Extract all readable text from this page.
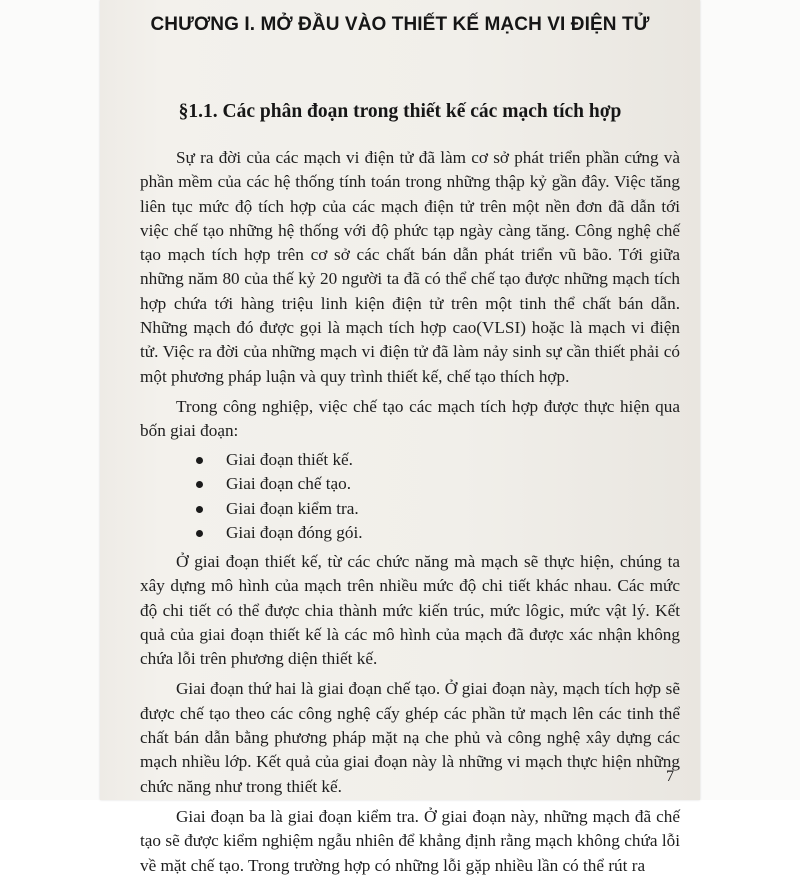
CHƯƠNG I. MỞ ĐẦU VÀO THIẾT KẾ MẠCH VI ĐIỆN TỬ
§1.1. Các phân đoạn trong thiết kế các mạch tích hợp

Sự ra đời của các mạch vi điện tử đã làm cơ sở phát triển phần cứng và phần mềm của các hệ thống tính toán trong những thập kỷ gần đây. Việc tăng liên tục mức độ tích hợp của các mạch điện tử trên một nền đơn đã dẫn tới việc chế tạo những hệ thống với độ phức tạp ngày càng tăng. Công nghệ chế tạo mạch tích hợp trên cơ sở các chất bán dẫn phát triển vũ bão. Tới giữa những năm 80 của thế kỷ 20 người ta đã có thể chế tạo được những mạch tích hợp chứa tới hàng triệu linh kiện điện tử trên một tinh thể chất bán dẫn. Những mạch đó được gọi là mạch tích hợp cao(VLSI) hoặc là mạch vi điện tử. Việc ra đời của những mạch vi điện tử đã làm nảy sinh sự cần thiết phải có một phương pháp luận và quy trình thiết kế, chế tạo thích hợp.

Trong công nghiệp, việc chế tạo các mạch tích hợp được thực hiện qua bốn giai đoạn:

Giai đoạn thiết kế.
Giai đoạn chế tạo.
Giai đoạn kiểm tra.
Giai đoạn đóng gói.

Ở giai đoạn thiết kế, từ các chức năng mà mạch sẽ thực hiện, chúng ta xây dựng mô hình của mạch trên nhiều mức độ chi tiết khác nhau. Các mức độ chi tiết có thể được chia thành mức kiến trúc, mức lôgic, mức vật lý. Kết quả của giai đoạn thiết kế là các mô hình của mạch đã được xác nhận không chứa lỗi trên phương diện thiết kế.

Giai đoạn thứ hai là giai đoạn chế tạo. Ở giai đoạn này, mạch tích hợp sẽ được chế tạo theo các công nghệ cấy ghép các phần tử mạch lên các tinh thể chất bán dẫn bằng phương pháp mặt nạ che phủ và công nghệ xây dựng các mạch nhiều lớp. Kết quả của giai đoạn này là những vi mạch thực hiện những chức năng như trong thiết kế.

Giai đoạn ba là giai đoạn kiểm tra. Ở giai đoạn này, những mạch đã chế tạo sẽ được kiểm nghiệm ngẫu nhiên để khẳng định rằng mạch không chứa lỗi về mặt chế tạo. Trong trường hợp có những lỗi gặp nhiều lần có thể rút ra

7
